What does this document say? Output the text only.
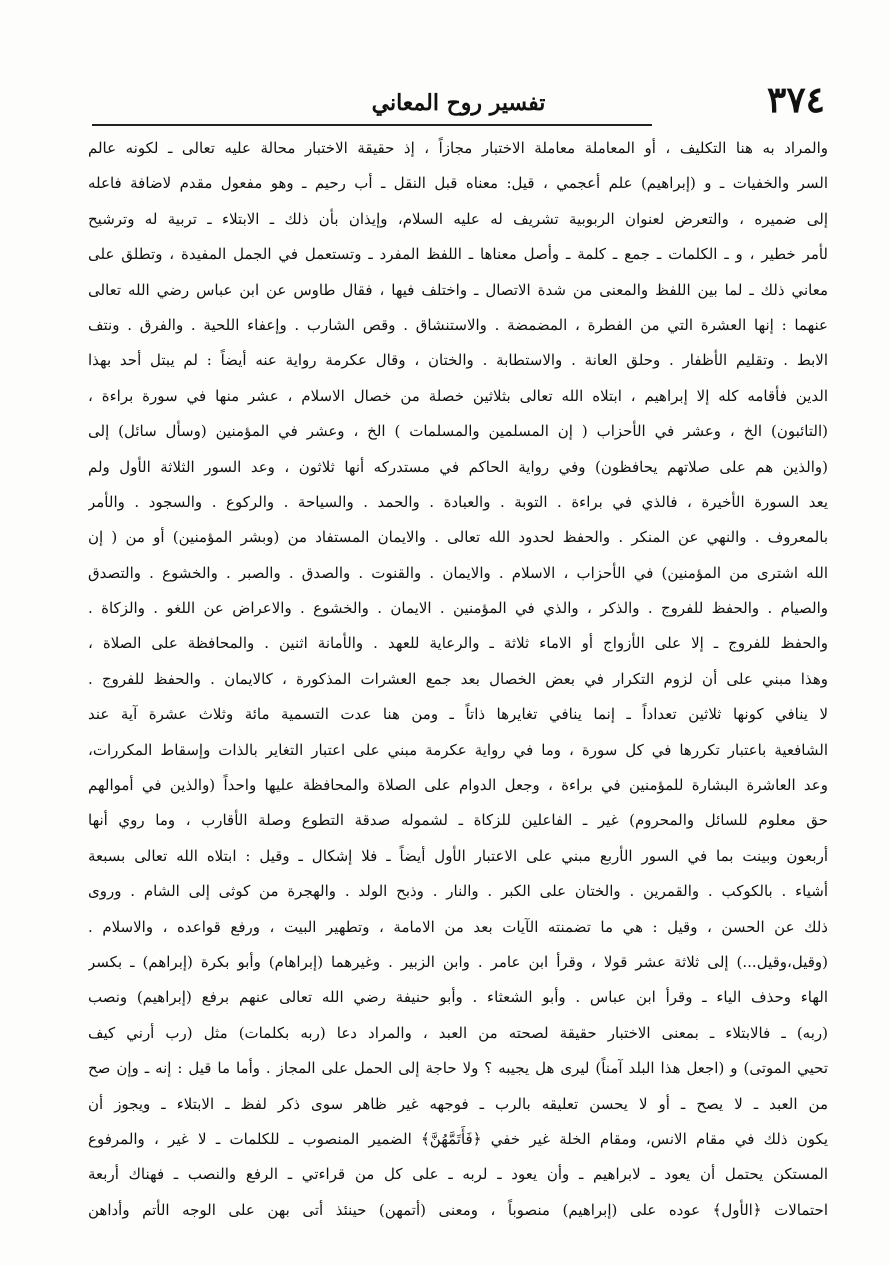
٣٧٤
تفسير روح المعاني
والمراد به هنا التكليف ، أو المعاملة معاملة الاختبار مجازاً ، إذ حقيقة الاختبار محالة عليه تعالى ـ لكونه عالم
السر والخفيات ـ و (إبراهيم) علم أعجمي ، قيل: معناه قبل النقل ـ أب رحيم ـ وهو مفعول مقدم لاضافة فاعله
إلى ضميره ، والتعرض لعنوان الربوبية تشريف له عليه السلام، وإيذان بأن ذلك ـ الابتلاء ـ تربية له وترشيح
لأمر خطير ، و ـ الكلمات ـ جمع ـ كلمة ـ وأصل معناها ـ اللفظ المفرد ـ وتستعمل في الجمل المفيدة ، وتطلق على
معاني ذلك ـ لما بين اللفظ والمعنى من شدة الاتصال ـ واختلف فيها ، فقال طاوس عن ابن عباس رضي الله تعالى
عنهما : إنها العشرة التي من الفطرة ، المضمضة . والاستنشاق . وقص الشارب . وإعفاء اللحية . والفرق . ونتف
الابط . وتقليم الأظفار . وحلق العانة . والاستطابة . والختان ، وقال عكرمة رواية عنه أيضاً : لم يبتل أحد بهذا
الدين فأقامه كله إلا إبراهيم ، ابتلاه الله تعالى بثلاثين خصلة من خصال الاسلام ، عشر منها في سورة براءة ،
(التائبون) الخ ، وعشر في الأحزاب ( إن المسلمين والمسلمات ) الخ ، وعشر في المؤمنين (وسأل سائل) إلى
(والذين هم على صلاتهم يحافظون) وفي رواية الحاكم في مستدركه أنها ثلاثون ، وعد السور الثلاثة الأول ولم
يعد السورة الأخيرة ، فالذي في براءة . التوبة . والعبادة . والحمد . والسياحة . والركوع . والسجود . والأمر
بالمعروف . والنهي عن المنكر . والحفظ لحدود الله تعالى . والايمان المستفاد من (وبشر المؤمنين) أو من ( إن
الله اشترى من المؤمنين) في الأحزاب ، الاسلام . والايمان . والقنوت . والصدق . والصبر . والخشوع . والتصدق
والصيام . والحفظ للفروج . والذكر ، والذي في المؤمنين . الايمان . والخشوع . والاعراض عن اللغو . والزكاة .
والحفظ للفروج ـ إلا على الأزواج أو الاماء ثلاثة ـ والرعاية للعهد . والأمانة اثنين . والمحافظة على الصلاة ،
وهذا مبني على أن لزوم التكرار في بعض الخصال بعد جمع العشرات المذكورة ، كالايمان . والحفظ للفروج .
لا ينافي كونها ثلاثين تعداداً ـ إنما ينافي تغايرها ذاتاً ـ ومن هنا عدت التسمية مائة وثلاث عشرة آية عند
الشافعية باعتبار تكررها في كل سورة ، وما في رواية عكرمة مبني على اعتبار التغاير بالذات وإسقاط المكررات،
وعد العاشرة البشارة للمؤمنين في براءة ، وجعل الدوام على الصلاة والمحافظة عليها واحداً (والذين في أموالهم
حق معلوم للسائل والمحروم) غير ـ الفاعلين للزكاة ـ لشموله صدقة التطوع وصلة الأقارب ، وما روي أنها
أربعون وبينت بما في السور الأربع مبني على الاعتبار الأول أيضاً ـ فلا إشكال ـ وقيل : ابتلاه الله تعالى بسبعة
أشياء . بالكوكب . والقمرين . والختان على الكبر . والنار . وذبح الولد . والهجرة من كوثى إلى الشام . وروى
ذلك عن الحسن ، وقيل : هي ما تضمنته الآيات بعد من الامامة ، وتطهير البيت ، ورفع قواعده ، والاسلام .
(وقيل،وقيل...) إلى ثلاثة عشر قولا ، وقرأ ابن عامر . وابن الزبير . وغيرهما (إبراهام) وأبو بكرة (إبراهم) ـ بكسر
الهاء وحذف الياء ـ وقرأ ابن عباس . وأبو الشعثاء . وأبو حنيفة رضي الله تعالى عنهم برفع (إبراهيم) ونصب
(ربه) ـ فالابتلاء ـ بمعنى الاختبار حقيقة لصحته من العبد ، والمراد دعا (ربه بكلمات) مثل (رب أرني كيف
تحيي الموتى) و (اجعل هذا البلد آمناً) ليرى هل يجيبه ؟ ولا حاجة إلى الحمل على المجاز . وأما ما قيل : إنه ـ وإن صح
من العبد ـ لا يصح ـ أو لا يحسن تعليقه بالرب ـ فوجهه غير ظاهر سوى ذكر لفظ ـ الابتلاء ـ ويجوز أن
يكون ذلك في مقام الانس، ومقام الخلة غير خفي ﴿فَأَتَمَّهُنَّ﴾ الضمير المنصوب ـ للكلمات ـ لا غير ، والمرفوع
المستكن يحتمل أن يعود ـ لابراهيم ـ وأن يعود ـ لربه ـ على كل من قراءتي ـ الرفع والنصب ـ فهناك أربعة
احتمالات ﴿الأول﴾ عوده على (إبراهيم) منصوباً ، ومعنى (أتمهن) حينئذ أتى بهن على الوجه الأتم وأداهن
